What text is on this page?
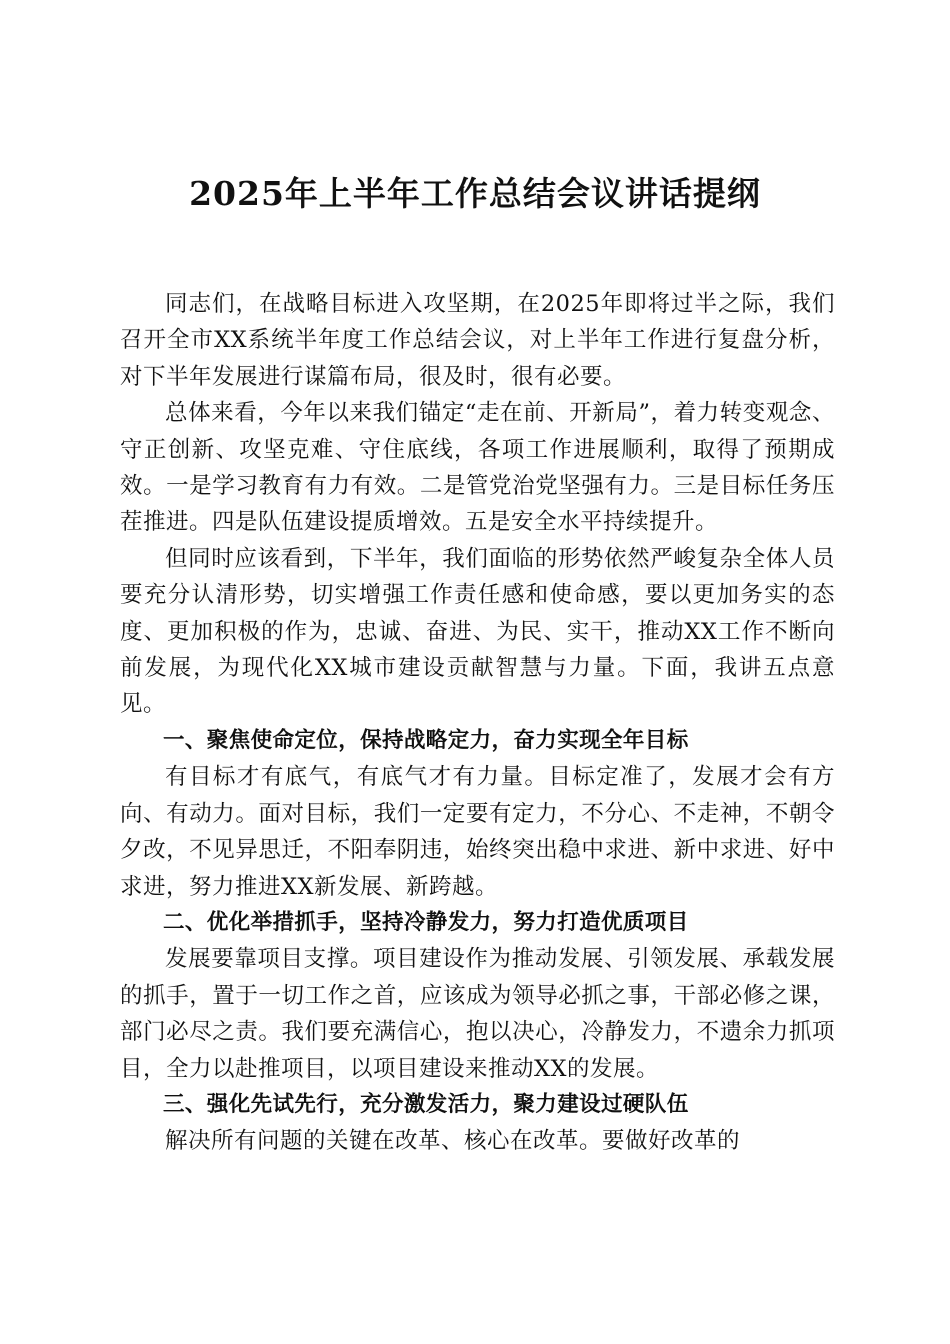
2025年上半年工作总结会议讲话提纲

同志们，在战略目标进入攻坚期，在2025年即将过半之际，我们召开全市XX系统半年度工作总结会议，对上半年工作进行复盘分析，对下半年发展进行谋篇布局，很及时，很有必要。

总体来看，今年以来我们锚定“走在前、开新局”，着力转变观念、守正创新、攻坚克难、守住底线，各项工作进展顺利，取得了预期成效。一是学习教育有力有效。二是管党治党坚强有力。三是目标任务压茬推进。四是队伍建设提质增效。五是安全水平持续提升。

但同时应该看到，下半年，我们面临的形势依然严峻复杂全体人员要充分认清形势，切实增强工作责任感和使命感，要以更加务实的态度、更加积极的作为，忠诚、奋进、为民、实干，推动XX工作不断向前发展，为现代化XX城市建设贡献智慧与力量。下面，我讲五点意见。

一、聚焦使命定位，保持战略定力，奋力实现全年目标

有目标才有底气，有底气才有力量。目标定准了，发展才会有方向、有动力。面对目标，我们一定要有定力，不分心、不走神，不朝令夕改，不见异思迁，不阳奉阴违，始终突出稳中求进、新中求进、好中求进，努力推进XX新发展、新跨越。

二、优化举措抓手，坚持冷静发力，努力打造优质项目

发展要靠项目支撑。项目建设作为推动发展、引领发展、承载发展的抓手，置于一切工作之首，应该成为领导必抓之事，干部必修之课，部门必尽之责。我们要充满信心，抱以决心，冷静发力，不遗余力抓项目，全力以赴推项目，以项目建设来推动XX的发展。

三、强化先试先行，充分激发活力，聚力建设过硬队伍

解决所有问题的关键在改革、核心在改革。要做好改革的
